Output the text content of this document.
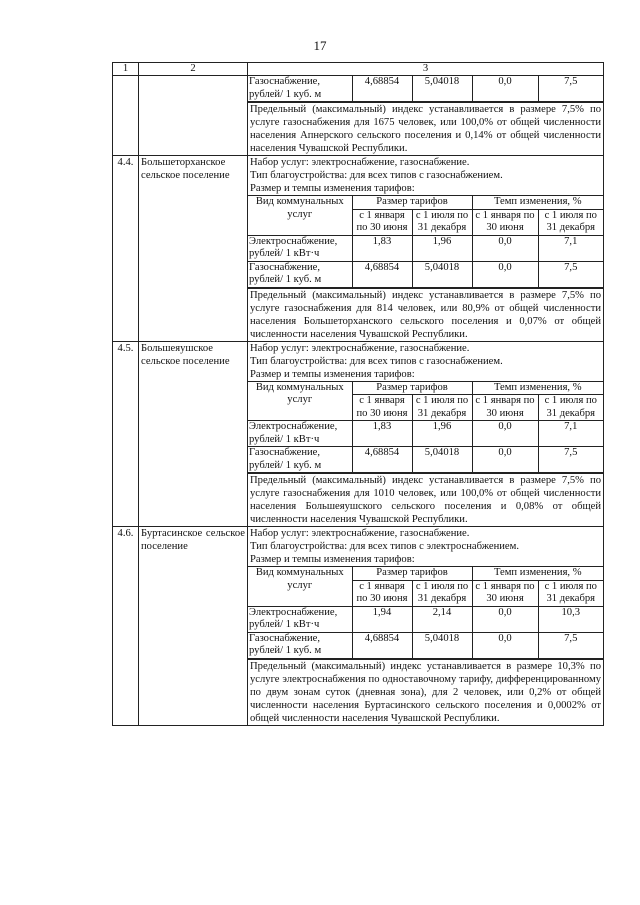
17
1	2	3

Газоснабжение, рублей/ 1 куб. м	4,68854	5,04018	0,0	7,5
Предельный (максимальный) индекс устанавливается в размере 7,5% по услуге газоснабжения для 1675 человек, или 100,0% от общей численности населения Апнерского сельского поселения и 0,14% от общей численности населения Чувашской Республики.

4.4.	Большеторханское сельское поселение	
Набор услуг: электроснабжение, газоснабжение.
Тип благоустройства: для всех типов с газоснабжением.
Размер и темпы изменения тарифов:
Вид коммунальных услуг	Размер тарифов	Темп изменения, %
с 1 января по 30 июня	с 1 июля по 31 декабря	с 1 января по 30 июня	с 1 июля по 31 декабря
Электроснабжение, рублей/ 1 кВт·ч	1,83	1,96	0,0	7,1
Газоснабжение, рублей/ 1 куб. м	4,68854	5,04018	0,0	7,5
Предельный (максимальный) индекс устанавливается в размере 7,5% по услуге газоснабжения для 814 человек, или 80,9% от общей численности населения Большеторханского сельского поселения и 0,07% от общей численности населения Чувашской Республики.

4.5.	Большеяушское сельское поселение	
Набор услуг: электроснабжение, газоснабжение.
Тип благоустройства: для всех типов с газоснабжением.
Размер и темпы изменения тарифов:
Вид коммунальных услуг	Размер тарифов	Темп изменения, %
с 1 января по 30 июня	с 1 июля по 31 декабря	с 1 января по 30 июня	с 1 июля по 31 декабря
Электроснабжение, рублей/ 1 кВт·ч	1,83	1,96	0,0	7,1
Газоснабжение, рублей/ 1 куб. м	4,68854	5,04018	0,0	7,5
Предельный (максимальный) индекс устанавливается в размере 7,5% по услуге газоснабжения для 1010 человек, или 100,0% от общей численности населения Большеяушского сельского поселения и 0,08% от общей численности населения Чувашской Республики.

4.6.	Буртасинское сельское поселение	
Набор услуг: электроснабжение, газоснабжение.
Тип благоустройства: для всех типов с электроснабжением.
Размер и темпы изменения тарифов:
Вид коммунальных услуг	Размер тарифов	Темп изменения, %
с 1 января по 30 июня	с 1 июля по 31 декабря	с 1 января по 30 июня	с 1 июля по 31 декабря
Электроснабжение, рублей/ 1 кВт·ч	1,94	2,14	0,0	10,3
Газоснабжение, рублей/ 1 куб. м	4,68854	5,04018	0,0	7,5
Предельный (максимальный) индекс устанавливается в размере 10,3% по услуге электроснабжения по одноставочному тарифу, дифференцированному по двум зонам суток (дневная зона), для 2 человек, или 0,2% от общей численности населения Буртасинского сельского поселения и 0,0002% от общей численности населения Чувашской Республики.
